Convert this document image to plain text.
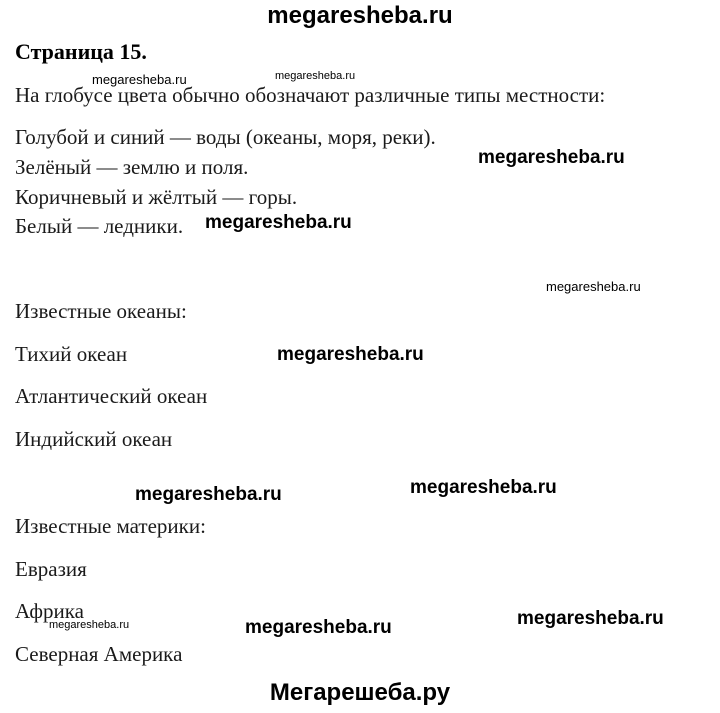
megaresheba.ru
Страница 15.
На глобусе цвета обычно обозначают различные типы местности:
Голубой и синий — воды (океаны, моря, реки).
Зелёный — землю и поля.
Коричневый и жёлтый — горы.
Белый — ледники.
Известные океаны:
Тихий океан
Атлантический океан
Индийский океан
Известные материки:
Евразия
Африка
Северная Америка
megaresheba.ru	megaresheba.ru
megaresheba.ru
megaresheba.ru
megaresheba.ru
megaresheba.ru
megaresheba.ru	megaresheba.ru
megaresheba.ru	megaresheba.ru	megaresheba.ru
Мегарешеба.ру
